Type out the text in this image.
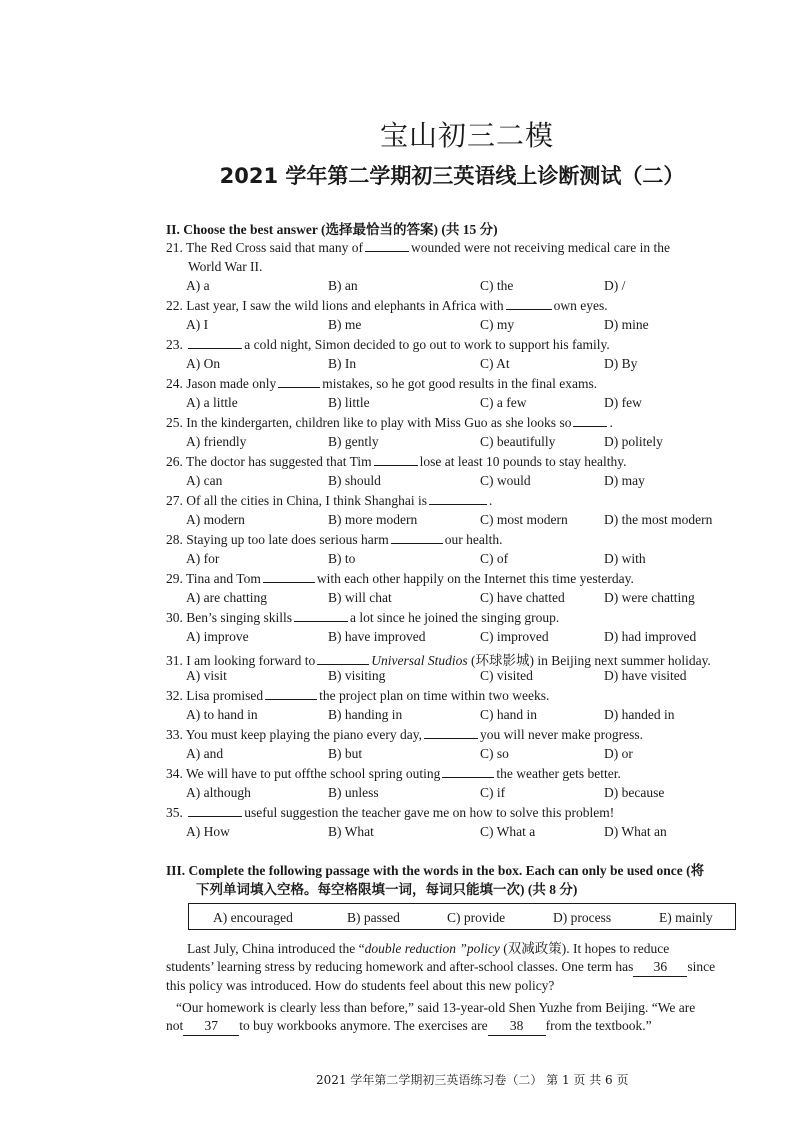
宝山初三二模
2021 学年第二学期初三英语线上诊断测试（二）
II. Choose the best answer (选择最恰当的答案) (共 15 分)
21. The Red Cross said that many of	wounded were not receiving medical care in the
World War II.
A) a	B) an	C) the	D) /
22. Last year, I saw the wild lions and elephants in Africa with	own eyes.
A) I	B) me	C) my	D) mine
23.	a cold night, Simon decided to go out to work to support his family.
A) On	B) In	C) At	D) By
24. Jason made only	mistakes, so he got good results in the final exams.
A) a little	B) little	C) a few	D) few
25. In the kindergarten, children like to play with Miss Guo as she looks so	.
A) friendly	B) gently	C) beautifully	D) politely
26. The doctor has suggested that Tim	lose at least 10 pounds to stay healthy.
A) can	B) should	C) would	D) may
27. Of all the cities in China, I think Shanghai is	.
A) modern	B) more modern	C) most modern	D) the most modern
28. Staying up too late does serious harm	our health.
A) for	B) to	C) of	D) with
29. Tina and Tom	with each other happily on the Internet this time yesterday.
A) are chatting	B) will chat	C) have chatted	D) were chatting
30. Ben’s singing skills	a lot since he joined the singing group.
A) improve	B) have improved	C) improved	D) had improved
31. I am looking forward to	Universal Studios (环球影城) in Beijing next summer holiday.
A) visit	B) visiting	C) visited	D) have visited
32. Lisa promised	the project plan on time within two weeks.
A) to hand in	B) handing in	C) hand in	D) handed in
33. You must keep playing the piano every day,	you will never make progress.
A) and	B) but	C) so	D) or
34. We will have to put offthe school spring outing	the weather gets better.
A) although	B) unless	C) if	D) because
35.	useful suggestion the teacher gave me on how to solve this problem!
A) How	B) What	C) What a	D) What an
III. Complete the following passage with the words in the box. Each can only be used once (将
下列单词填入空格。每空格限填一词，每词只能填一次) (共 8 分)
A) encouraged	B) passed	C) provide	D) process	E) mainly
Last July, China introduced the “double reduction ”policy (双减政策). It hopes to reduce
students’ learning stress by reducing homework and after-school classes. One term has 36 since
this policy was introduced. How do students feel about this new policy?
“Our homework is clearly less than before,” said 13-year-old Shen Yuzhe from Beijing. “We are
not 37 to buy workbooks anymore. The exercises are 38 from the textbook.”
2021 学年第二学期初三英语练习卷（二） 第 1 页 共 6 页
